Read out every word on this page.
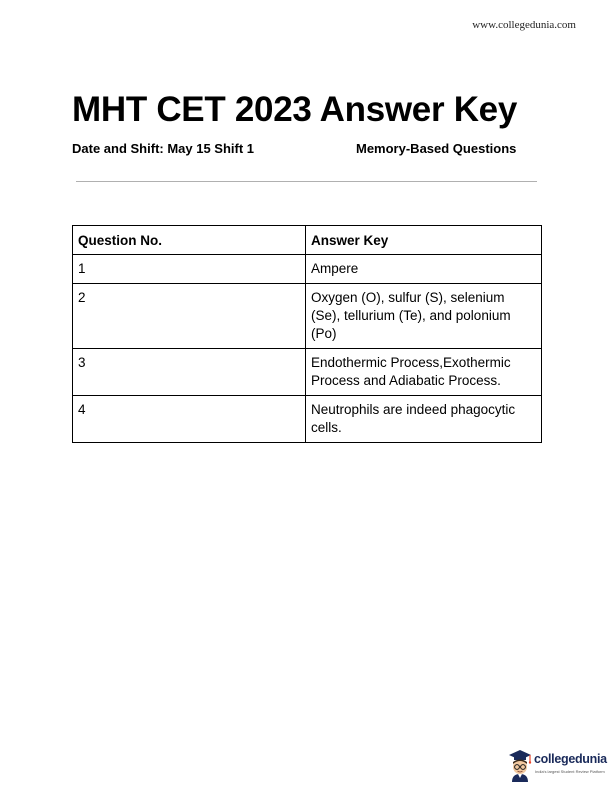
www.collegedunia.com
MHT CET 2023 Answer Key
Date and Shift: May 15 Shift 1	Memory-Based Questions
Question No.	Answer Key
1	Ampere
2	Oxygen (O), sulfur (S), selenium (Se), tellurium (Te), and polonium (Po)
3	Endothermic Process,Exothermic Process and Adiabatic Process.
4	Neutrophils are indeed phagocytic cells.
collegedunia
India's largest Student Review Platform
